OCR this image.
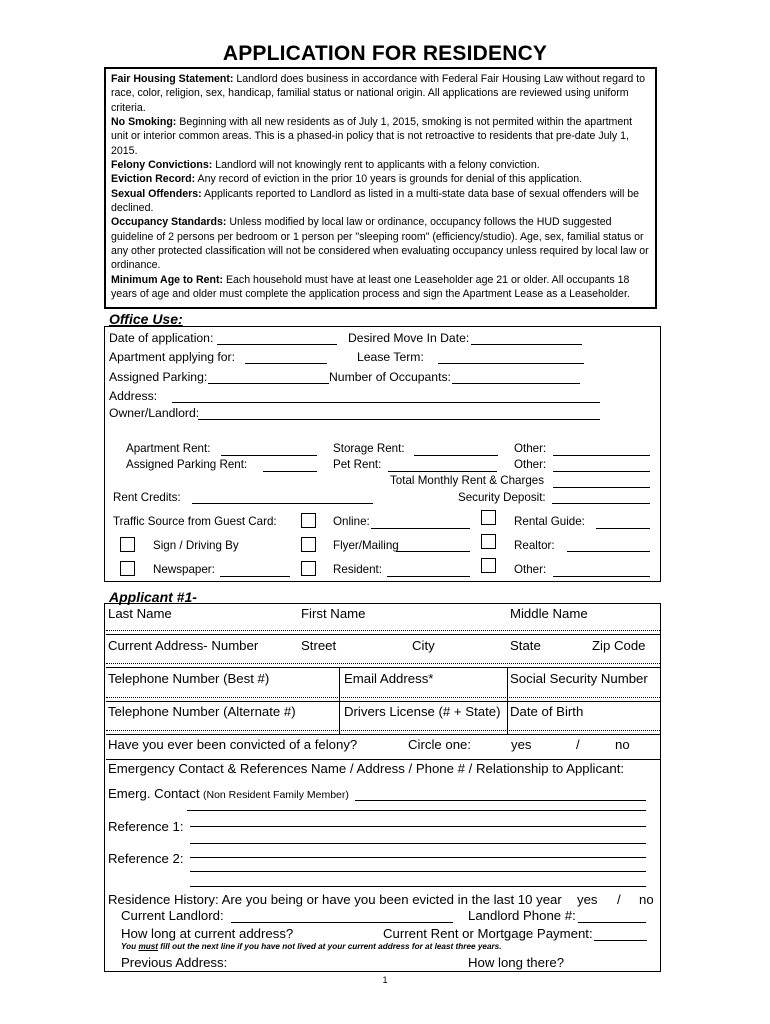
APPLICATION FOR RESIDENCY

Fair Housing Statement: Landlord does business in accordance with Federal Fair Housing Law without regard to race, color, religion, sex, handicap, familial status or national origin. All applications are reviewed using uniform criteria.

No Smoking: Beginning with all new residents as of July 1, 2015, smoking is not permited within the apartment unit or interior common areas. This is a phased-in policy that is not retroactive to residents that pre-date July 1, 2015.

Felony Convictions: Landlord will not knowingly rent to applicants with a felony conviction.

Eviction Record: Any record of eviction in the prior 10 years is grounds for denial of this application.

Sexual Offenders: Applicants reported to Landlord as listed in a multi-state data base of sexual offenders will be declined.

Occupancy Standards: Unless modified by local law or ordinance, occupancy follows the HUD suggested guideline of 2 persons per bedroom or 1 person per "sleeping room" (efficiency/studio). Age, sex, familial status or any other protected classification will not be considered when evaluating occupancy unless required by local law or ordinance.

Minimum Age to Rent: Each household must have at least one Leaseholder age 21 or older. All occupants 18 years of age and older must complete the application process and sign the Apartment Lease as a Leaseholder.

Office Use:
Date of application:	Desired Move In Date:
Apartment applying for:	Lease Term:
Assigned Parking:	Number of Occupants:
Address:
Owner/Landlord:
Apartment Rent:	Storage Rent:	Other:
Assigned Parking Rent:	Pet Rent:	Other:
Total Monthly Rent & Charges
Rent Credits:	Security Deposit:
Traffic Source from Guest Card:	Online:	Rental Guide:
Sign / Driving By	Flyer/Mailing	Realtor:
Newspaper:	Resident:	Other:
Applicant #1-
Last Name	First Name	Middle Name
Current Address- Number	Street	City	State	Zip Code
Telephone Number (Best #)	Email Address*	Social Security Number
Telephone Number (Alternate #)	Drivers License (# + State) Date of Birth
Have you ever been convicted of a felony?	Circle one:	yes	/	no
Emergency Contact & References Name / Address / Phone # / Relationship to Applicant:
Emerg. Contact (Non Resident Family Member)
Reference 1:
Reference 2:
Residence History: Are you being or have you been evicted in the last 10 year yes / no
Current Landlord:	Landlord Phone #:
How long at current address?	Current Rent or Mortgage Payment:
You must fill out the next line if you have not lived at your current address for at least three years.
Previous Address:	How long there?
1
